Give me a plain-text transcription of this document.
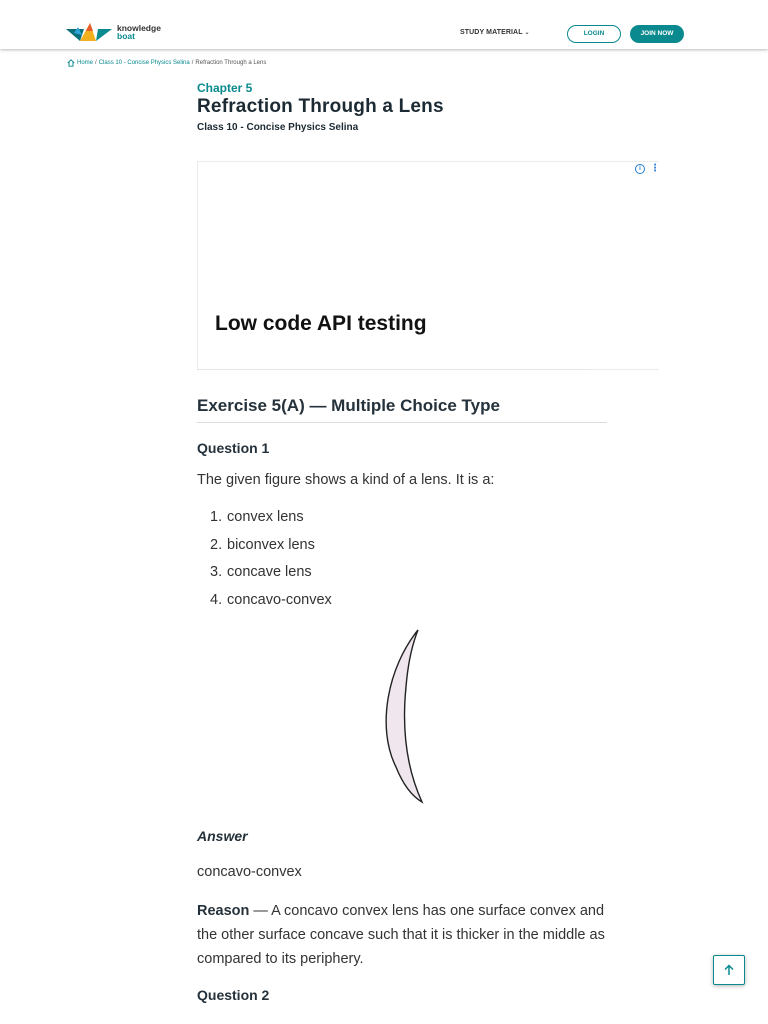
knowledge
boat	STUDY MATERIAL ⌄	LOGIN	JOIN NOW
Home / Class 10 - Concise Physics Selina / Refraction Through a Lens
Chapter 5
Refraction Through a Lens
Class 10 - Concise Physics Selina
i ⋮
Low code API testing
Exercise 5(A) — Multiple Choice Type
Question 1
The given figure shows a kind of a lens. It is a:
1. convex lens
2. biconvex lens
3. concave lens
4. concavo-convex
Answer
concavo-convex
Reason — A concavo convex lens has one surface convex and the other surface concave such that it is thicker in the middle as compared to its periphery.
Question 2
